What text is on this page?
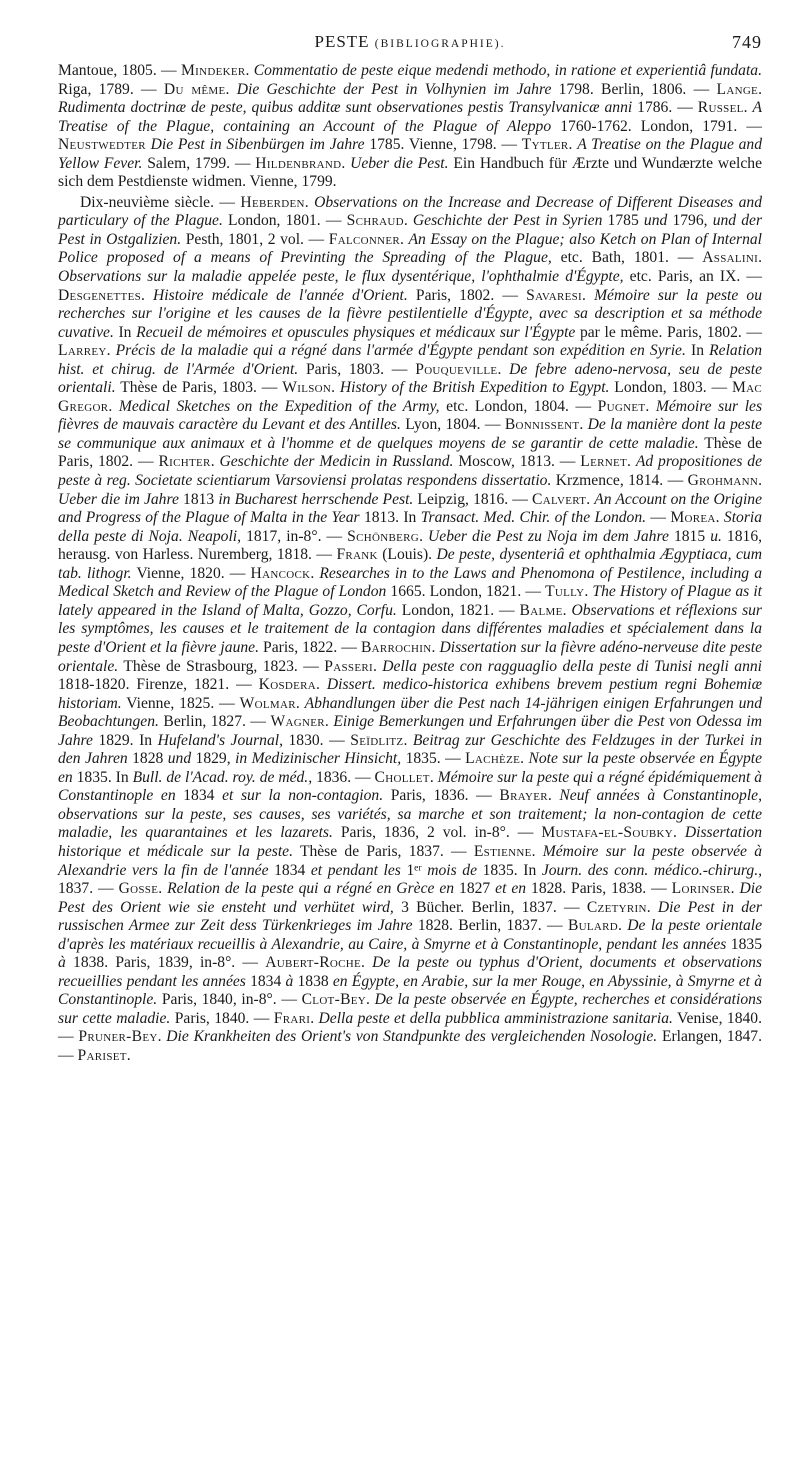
PESTE (BIBLIOGRAPHIE).	749

Mantoue, 1805. — Mindeker. Commentatio de peste eique medendi methodo, in ratione et experientiâ fundata. Riga, 1789. — Du même. Die Geschichte der Pest in Volhynien im Jahre 1798. Berlin, 1806. — Lange. Rudimenta doctrinæ de peste, quibus additæ sunt observationes pestis Transylvanicæ anni 1786. — Russel. A Treatise of the Plague, containing an Account of the Plague of Aleppo 1760-1762. London, 1791. — Neustwedter Die Pest in Sibenbürgen im Jahre 1785. Vienne, 1798. — Tytler. A Treatise on the Plague and Yellow Fever. Salem, 1799. — Hildenbrand. Ueber die Pest. Ein Handbuch für Ærzte und Wundærzte welche sich dem Pestdienste widmen. Vienne, 1799.

Dix-neuvième siècle. — Heberden. Observations on the Increase and Decrease of Different Diseases and particulary of the Plague. London, 1801. — Schraud. Geschichte der Pest in Syrien 1785 und 1796, und der Pest in Ostgalizien. Pesth, 1801, 2 vol. — Falconner. An Essay on the Plague; also Ketch on Plan of Internal Police proposed of a means of Previnting the Spreading of the Plague, etc. Bath, 1801. — Assalini. Observations sur la maladie appelée peste, le flux dysentérique, l'ophthalmie d'Égypte, etc. Paris, an IX. — Desgenettes. Histoire médicale de l'année d'Orient. Paris, 1802. — Savaresi. Mémoire sur la peste ou recherches sur l'origine et les causes de la fièvre pestilentielle d'Égypte, avec sa description et sa méthode cuvative. In Recueil de mémoires et opuscules physiques et médicaux sur l'Égypte par le même. Paris, 1802. — Larrey. Précis de la maladie qui a régné dans l'armée d'Égypte pendant son expédition en Syrie. In Relation hist. et chirug. de l'Armée d'Orient. Paris, 1803. — Pouqueville. De febre adeno-nervosa, seu de peste orientali. Thèse de Paris, 1803. — Wilson. History of the British Expedition to Egypt. London, 1803. — Mac Gregor. Medical Sketches on the Expedition of the Army, etc. London, 1804. — Pugnet. Mémoire sur les fièvres de mauvais caractère du Levant et des Antilles. Lyon, 1804. — Bonnissent. De la manière dont la peste se communique aux animaux et à l'homme et de quelques moyens de se garantir de cette maladie. Thèse de Paris, 1802. — Richter. Geschichte der Medicin in Russland. Moscow, 1813. — Lernet. Ad propositiones de peste à reg. Societate scientiarum Varsoviensi prolatas respondens dissertatio. Krzmence, 1814. — Grohmann. Ueber die im Jahre 1813 in Bucharest herrschende Pest. Leipzig, 1816. — Calvert. An Account on the Origine and Progress of the Plague of Malta in the Year 1813. In Transact. Med. Chir. of the London. — Morea. Storia della peste di Noja. Neapoli, 1817, in-8°. — Schönberg. Ueber die Pest zu Noja im dem Jahre 1815 u. 1816, herausg. von Harless. Nuremberg, 1818. — Frank (Louis). De peste, dysenteriâ et ophthalmia Ægyptiaca, cum tab. lithogr. Vienne, 1820. — Hancock. Researches in to the Laws and Phenomona of Pestilence, including a Medical Sketch and Review of the Plague of London 1665. London, 1821. — Tully. The History of Plague as it lately appeared in the Island of Malta, Gozzo, Corfu. London, 1821. — Balme. Observations et réflexions sur les symptômes, les causes et le traitement de la contagion dans différentes maladies et spécialement dans la peste d'Orient et la fièvre jaune. Paris, 1822. — Barrochin. Dissertation sur la fièvre adéno-nerveuse dite peste orientale. Thèse de Strasbourg, 1823. — Passeri. Della peste con ragguaglio della peste di Tunisi negli anni 1818-1820. Firenze, 1821. — Kosdera. Dissert. medico-historica exhibens brevem pestium regni Bohemiæ historiam. Vienne, 1825. — Wolmar. Abhandlungen über die Pest nach 14-jährigen einigen Erfahrungen und Beobachtungen. Berlin, 1827. — Wagner. Einige Bemerkungen und Erfahrungen über die Pest von Odessa im Jahre 1829. In Hufeland's Journal, 1830. — Seïdlitz. Beitrag zur Geschichte des Feldzuges in der Turkei in den Jahren 1828 und 1829, in Medizinischer Hinsicht, 1835. — Lachèze. Note sur la peste observée en Égypte en 1835. In Bull. de l'Acad. roy. de méd., 1836. — Chollet. Mémoire sur la peste qui a régné épidémiquement à Constantinople en 1834 et sur la non-contagion. Paris, 1836. — Brayer. Neuf années à Constantinople, observations sur la peste, ses causes, ses variétés, sa marche et son traitement; la non-contagion de cette maladie, les quarantaines et les lazarets. Paris, 1836, 2 vol. in-8°. — Mustafa-el-Soubky. Dissertation historique et médicale sur la peste. Thèse de Paris, 1837. — Estienne. Mémoire sur la peste observée à Alexandrie vers la fin de l'année 1834 et pendant les 1ᵉʳ mois de 1835. In Journ. des conn. médico.-chirurg., 1837. — Gosse. Relation de la peste qui a régné en Grèce en 1827 et en 1828. Paris, 1838. — Lorinser. Die Pest des Orient wie sie ensteht und verhütet wird, 3 Bücher. Berlin, 1837. — Czetyrin. Die Pest in der russischen Armee zur Zeit dess Türkenkrieges im Jahre 1828. Berlin, 1837. — Bulard. De la peste orientale d'après les matériaux recueillis à Alexandrie, au Caire, à Smyrne et à Constantinople, pendant les années 1835 à 1838. Paris, 1839, in-8°. — Aubert-Roche. De la peste ou typhus d'Orient, documents et observations recueillies pendant les années 1834 à 1838 en Égypte, en Arabie, sur la mer Rouge, en Abyssinie, à Smyrne et à Constantinople. Paris, 1840, in-8°. — Clot-Bey. De la peste observée en Égypte, recherches et considérations sur cette maladie. Paris, 1840. — Frari. Della peste et della pubblica amministrazione sanitaria. Venise, 1840. — Pruner-Bey. Die Krankheiten des Orient's von Standpunkte des vergleichenden Nosologie. Erlangen, 1847. — Pariset.
